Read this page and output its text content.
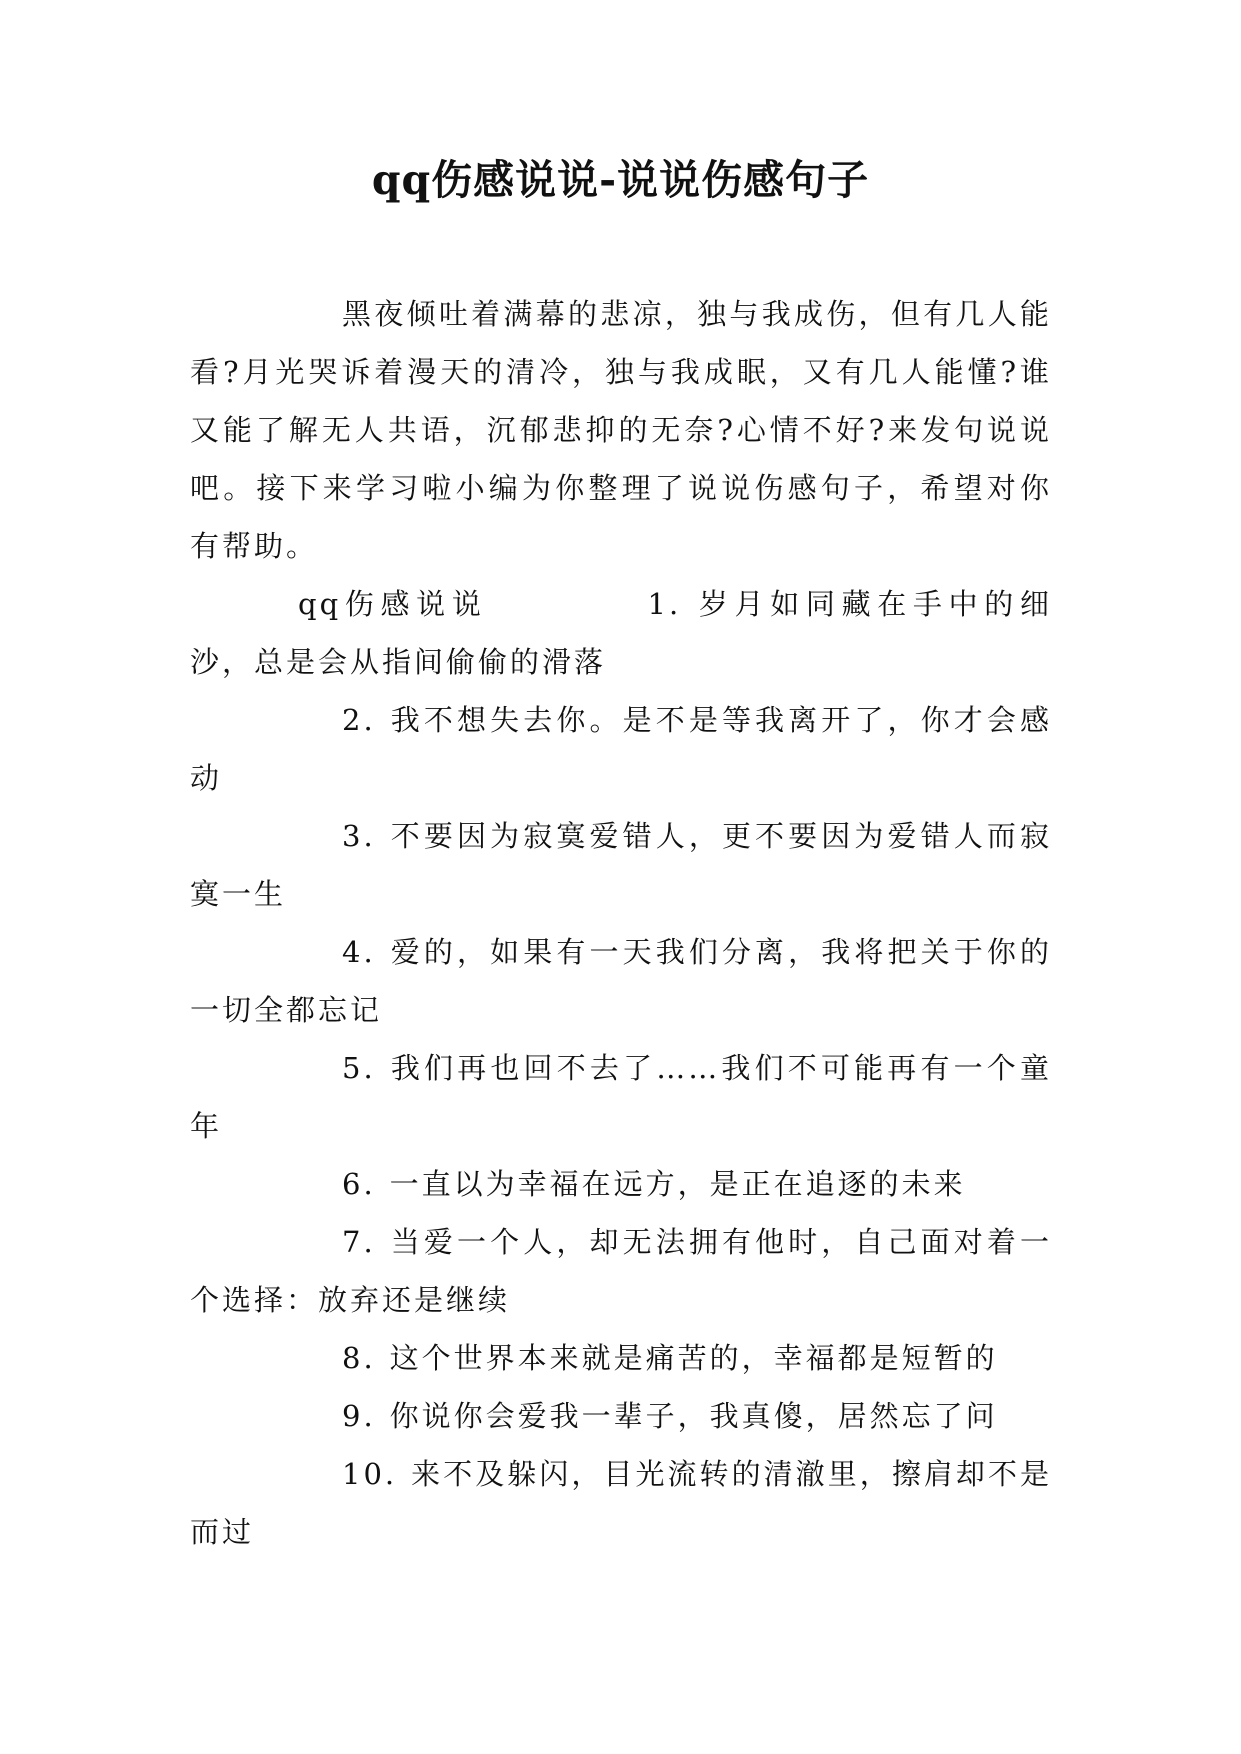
qq伤感说说-说说伤感句子

黑夜倾吐着满幕的悲凉，独与我成伤，但有几人能看?月光哭诉着漫天的清冷，独与我成眠，又有几人能懂?谁又能了解无人共语，沉郁悲抑的无奈?心情不好?来发句说说吧。接下来学习啦小编为你整理了说说伤感句子，希望对你有帮助。

qq伤感说说	1. 岁月如同藏在手中的细沙，总是会从指间偷偷的滑落

2. 我不想失去你。是不是等我离开了，你才会感动

3. 不要因为寂寞爱错人，更不要因为爱错人而寂寞一生

4. 爱的，如果有一天我们分离，我将把关于你的一切全都忘记

5. 我们再也回不去了……我们不可能再有一个童年

6. 一直以为幸福在远方，是正在追逐的未来

7. 当爱一个人，却无法拥有他时，自己面对着一个选择：放弃还是继续

8. 这个世界本来就是痛苦的，幸福都是短暂的

9. 你说你会爱我一辈子，我真傻，居然忘了问

10. 来不及躲闪，目光流转的清澈里，擦肩却不是而过
